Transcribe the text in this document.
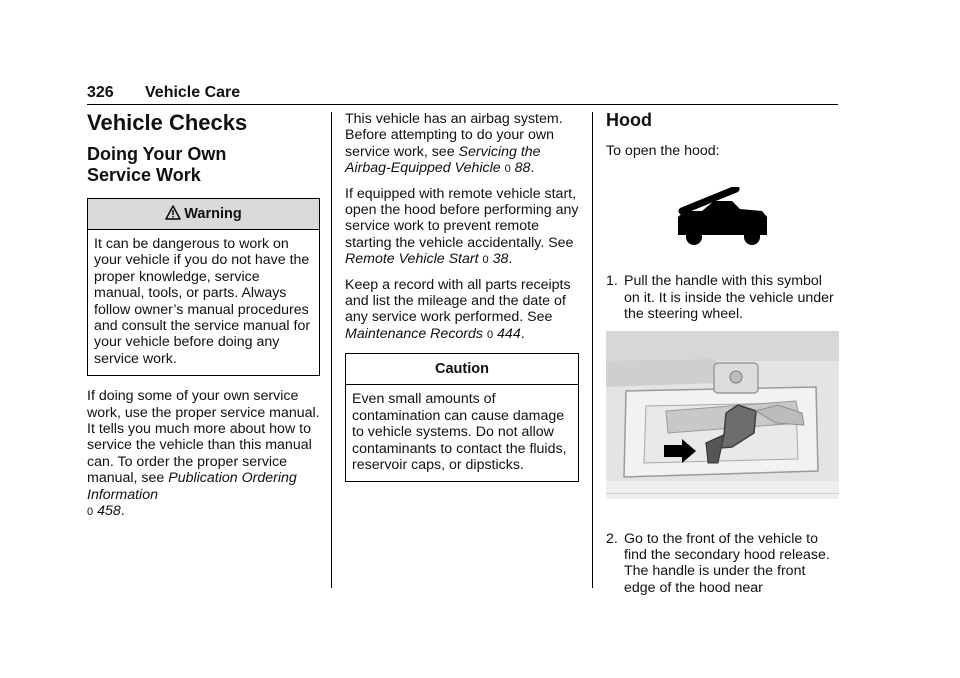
326 Vehicle Care
Vehicle Checks
Doing Your Own
Service Work
Warning

It can be dangerous to work on your vehicle if you do not have the proper knowledge, service manual, tools, or parts. Always follow owner’s manual procedures and consult the service manual for your vehicle before doing any service work.

If doing some of your own service work, use the proper service manual. It tells you much more about how to service the vehicle than this manual can. To order the proper service manual, see Publication Ordering Information
0 458.

This vehicle has an airbag system. Before attempting to do your own service work, see Servicing the Airbag-Equipped Vehicle 0 88.

If equipped with remote vehicle start, open the hood before performing any service work to prevent remote starting the vehicle accidentally. See Remote Vehicle Start 0 38.

Keep a record with all parts receipts and list the mileage and the date of any service work performed. See Maintenance Records 0 444.

Caution

Even small amounts of contamination can cause damage to vehicle systems. Do not allow contaminants to contact the fluids, reservoir caps, or dipsticks.

Hood

To open the hood:

1. Pull the handle with this symbol on it. It is inside the vehicle under the steering wheel.
2. Go to the front of the vehicle to find the secondary hood release. The handle is under the front edge of the hood near
